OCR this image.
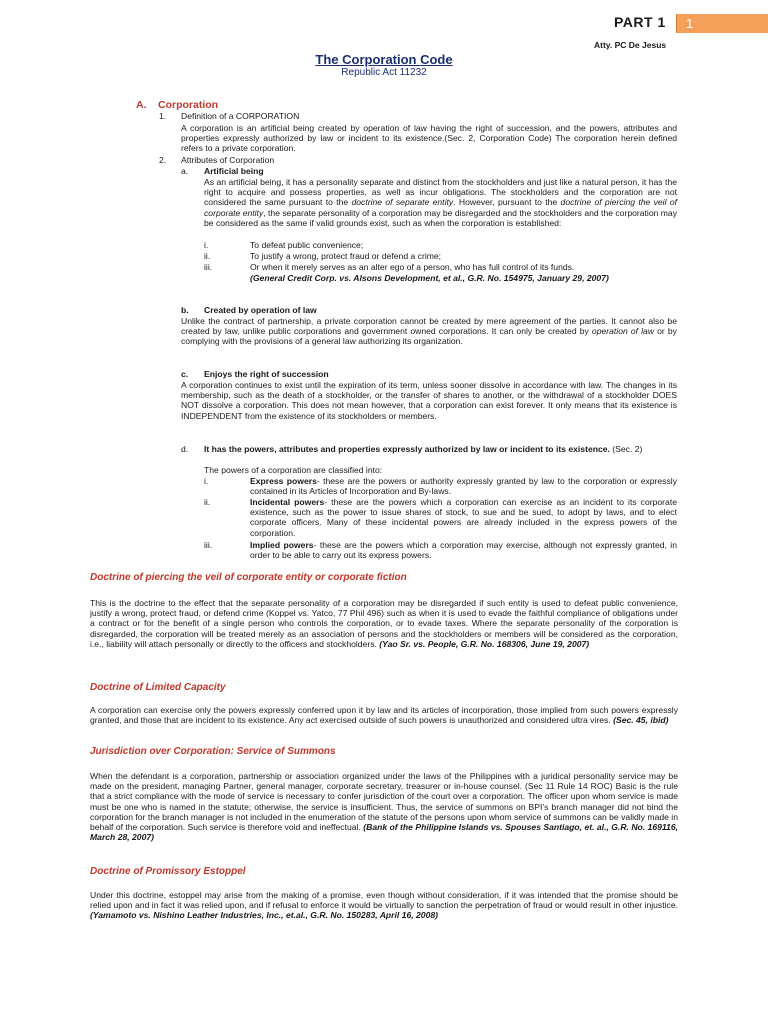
PART 1	1
Atty. PC De Jesus
The Corporation Code
Republic Act 11232
A. Corporation
1. Definition of a CORPORATION
A corporation is an artificial being created by operation of law having the right of succession, and the powers, attributes and properties expressly authorized by law or incident to its existence.(Sec. 2, Corporation Code) The corporation herein defined refers to a private corporation.
2. Attributes of Corporation
a. Artificial being
As an artificial being, it has a personality separate and distinct from the stockholders and just like a natural person, it has the right to acquire and possess properties, as well as incur obligations. The stockholders and the corporation are not considered the same pursuant to the doctrine of separate entity. However, pursuant to the doctrine of piercing the veil of corporate entity, the separate personality of a corporation may be disregarded and the stockholders and the corporation may be considered as the same if valid grounds exist, such as when the corporation is established:
i.	To defeat public convenience;
ii.	To justify a wrong, protect fraud or defend a crime;
iii.	Or when it merely serves as an alter ego of a person, who has full control of its funds.
(General Credit Corp. vs. Alsons Development, et al., G.R. No. 154975, January 29, 2007)
b. Created by operation of law
Unlike the contract of partnership, a private corporation cannot be created by mere agreement of the parties. It cannot also be created by law, unlike public corporations and government owned corporations. It can only be created by operation of law or by complying with the provisions of a general law authorizing its organization.
c. Enjoys the right of succession
A corporation continues to exist until the expiration of its term, unless sooner dissolve in accordance with law. The changes in its membership, such as the death of a stockholder, or the transfer of shares to another, or the withdrawal of a stockholder DOES NOT dissolve a corporation. This does not mean however, that a corporation can exist forever. It only means that its existence is INDEPENDENT from the existence of its stockholders or members.
d. It has the powers, attributes and properties expressly authorized by law or incident to its existence. (Sec. 2)
The powers of a corporation are classified into:
i.	Express powers- these are the powers or authority expressly granted by law to the corporation or expressly contained in its Articles of Incorporation and By-laws.
ii.	Incidental powers- these are the powers which a corporation can exercise as an incident to its corporate existence, such as the power to issue shares of stock, to sue and be sued, to adopt by laws, and to elect corporate officers. Many of these incidental powers are already included in the express powers of the corporation.
iii.	Implied powers- these are the powers which a corporation may exercise, although not expressly granted, in order to be able to carry out its express powers.
Doctrine of piercing the veil of corporate entity or corporate fiction
This is the doctrine to the effect that the separate personality of a corporation may be disregarded if such entity is used to defeat public convenience, justify a wrong, protect fraud, or defend crime (Koppel vs. Yatco, 77 Phil 496) such as when it is used to evade the faithful compliance of obligations under a contract or for the benefit of a single person who controls the corporation, or to evade taxes. Where the separate personality of the corporation is disregarded, the corporation will be treated merely as an association of persons and the stockholders or members will be considered as the corporation, i.e., liability will attach personally or directly to the officers and stockholders. (Yao Sr. vs. People, G.R. No. 168306, June 19, 2007)
Doctrine of Limited Capacity
A corporation can exercise only the powers expressly conferred upon it by law and its articles of incorporation, those implied from such powers expressly granted, and those that are incident to its existence. Any act exercised outside of such powers is unauthorized and considered ultra vires. (Sec. 45, ibid)
Jurisdiction over Corporation: Service of Summons
When the defendant is a corporation, partnership or association organized under the laws of the Philippines with a juridical personality service may be made on the president, managing Partner, general manager, corporate secretary, treasurer or in-house counsel. (Sec 11 Rule 14 ROC) Basic is the rule that a strict compliance with the mode of service is necessary to confer jurisdiction of the court over a corporation. The officer upon whom service is made must be one who is named in the statute; otherwise, the service is insufficient. Thus, the service of summons on BPI’s branch manager did not bind the corporation for the branch manager is not included in the enumeration of the statute of the persons upon whom service of summons can be validly made in behalf of the corporation. Such service is therefore void and ineffectual. (Bank of the Philippine Islands vs. Spouses Santiago, et. al., G.R. No. 169116, March 28, 2007)
Doctrine of Promissory Estoppel
Under this doctrine, estoppel may arise from the making of a promise, even though without consideration, if it was intended that the promise should be relied upon and in fact it was relied upon, and if refusal to enforce it would be virtually to sanction the perpetration of fraud or would result in other injustice. (Yamamoto vs. Nishino Leather Industries, Inc., et.al., G.R. No. 150283, April 16, 2008)
